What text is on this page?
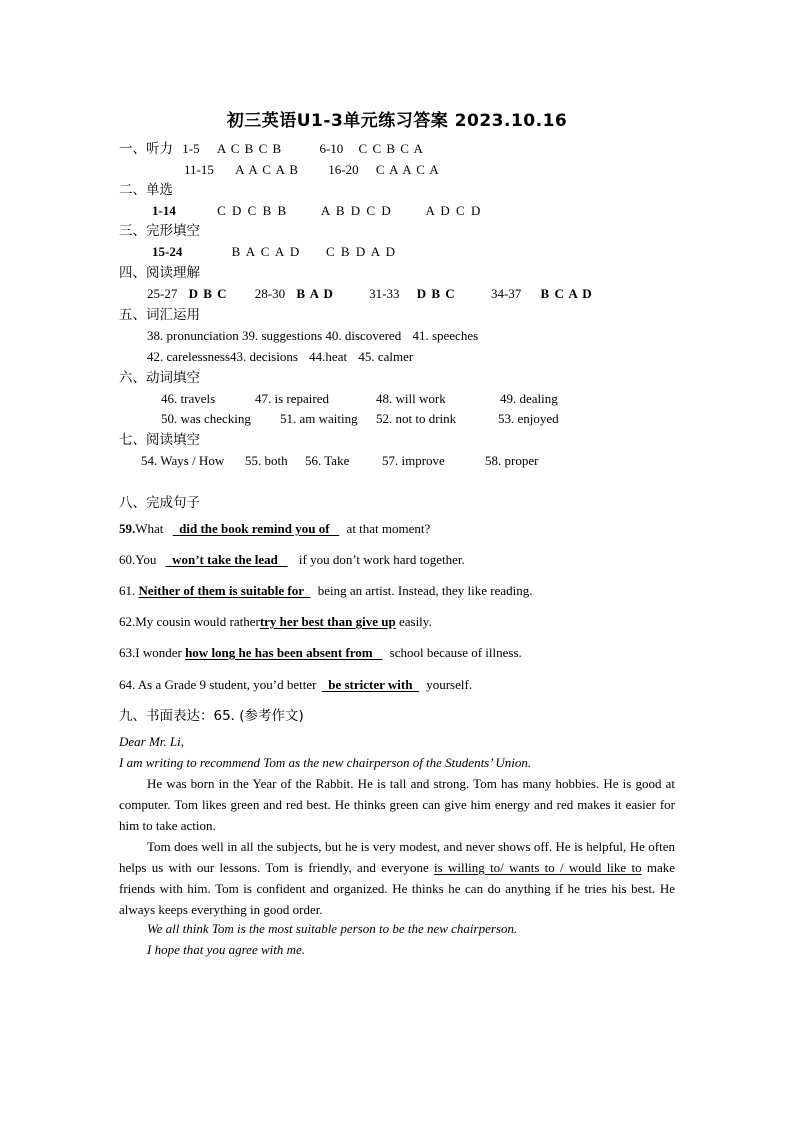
初三英语U1-3单元练习答案 2023.10.16
一、听力 1-5 A C B C B	6-10 C C B C A
11-15 A A C A B 16-20 C A A C A
二、单选
1-14	C D C B B	A B D C D	A D C D
三、完形填空
15-24	B A C A D C B D A D
四、阅读理解
25-27 D B C 28-30 B A D	31-33 D B C	34-37 B C A D
五、词汇运用
38. pronunciation 39. suggestions 40. discovered 41. speeches
42. carelessness43. decisions 44.heat 45. calmer
六、动词填空
46. travels	47. is repaired	48. will work	49. dealing
50. was checking 51. am waiting 52. not to drink	53. enjoyed
七、阅读填空
54. Ways / How 55. both 56. Take	57. improve	58. proper
八、完成句子
59.What did the book remind you of at that moment?
60.You won’t take the lead if you don’t work hard together.
61. Neither of them is suitable for being an artist. Instead, they like reading.
62.My cousin would rathertry her best than give up easily.
63.I wonder how long he has been absent from school because of illness.
64. As a Grade 9 student, you’d better be stricter with yourself.
九、书面表达：65. (参考作文)
Dear Mr. Li,
I am writing to recommend Tom as the new chairperson of the Students’ Union.
He was born in the Year of the Rabbit. He is tall and strong. Tom has many hobbies. He is good at computer. Tom likes green and red best. He thinks green can give him energy and red makes it easier for him to take action.
Tom does well in all the subjects, but he is very modest, and never shows off. He is helpful, He often helps us with our lessons. Tom is friendly, and everyone is willing to/ wants to / would like to make friends with him. Tom is confident and organized. He thinks he can do anything if he tries his best. He always keeps everything in good order.
We all think Tom is the most suitable person to be the new chairperson.
I hope that you agree with me.
